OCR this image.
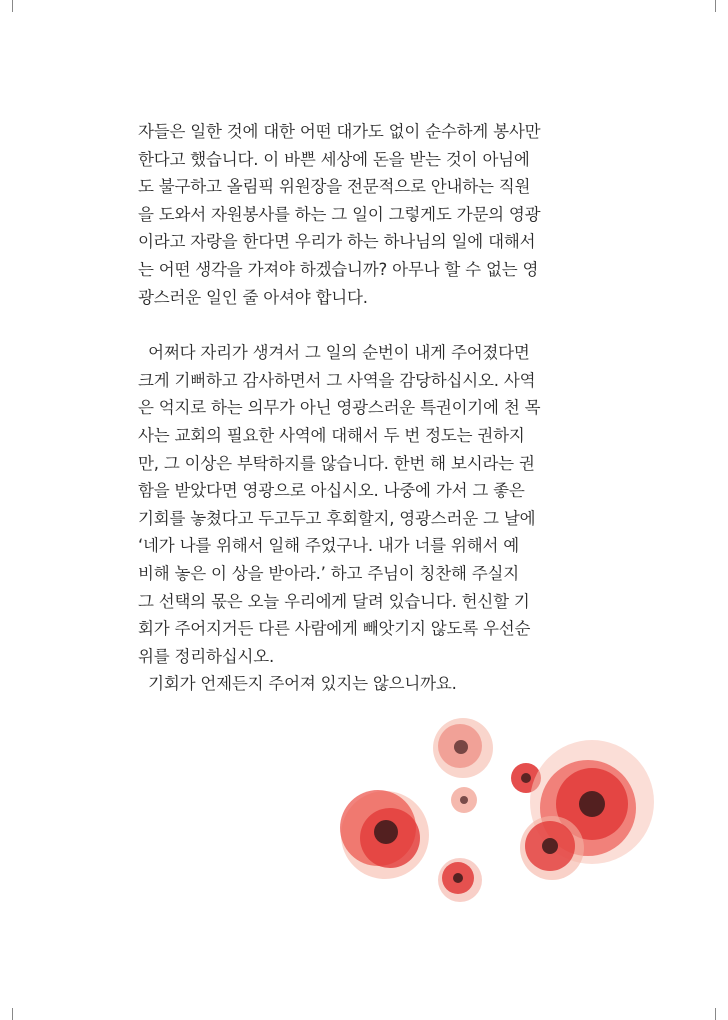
자들은 일한 것에 대한 어떤 대가도 없이 순수하게 봉사만
한다고 했습니다. 이 바쁜 세상에 돈을 받는 것이 아님에
도 불구하고 올림픽 위원장을 전문적으로 안내하는 직원
을 도와서 자원봉사를 하는 그 일이 그렇게도 가문의 영광
이라고 자랑을 한다면 우리가 하는 하나님의 일에 대해서
는 어떤 생각을 가져야 하겠습니까? 아무나 할 수 없는 영
광스러운 일인 줄 아셔야 합니다.
어쩌다 자리가 생겨서 그 일의 순번이 내게 주어졌다면
크게 기뻐하고 감사하면서 그 사역을 감당하십시오. 사역
은 억지로 하는 의무가 아닌 영광스러운 특권이기에 천 목
사는 교회의 필요한 사역에 대해서 두 번 정도는 권하지
만, 그 이상은 부탁하지를 않습니다. 한번 해 보시라는 권
함을 받았다면 영광으로 아십시오. 나중에 가서 그 좋은
기회를 놓쳤다고 두고두고 후회할지, 영광스러운 그 날에
‘네가 나를 위해서 일해 주었구나. 내가 너를 위해서 예
비해 놓은 이 상을 받아라.’ 하고 주님이 칭찬해 주실지
그 선택의 몫은 오늘 우리에게 달려 있습니다. 헌신할 기
회가 주어지거든 다른 사람에게 빼앗기지 않도록 우선순
위를 정리하십시오.
기회가 언제든지 주어져 있지는 않으니까요.
